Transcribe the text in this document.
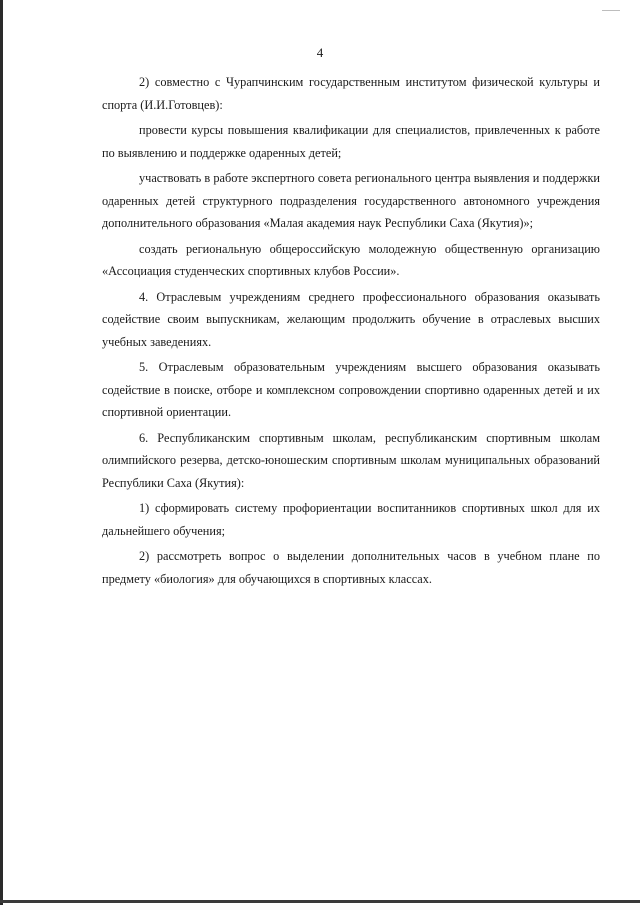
4

2) совместно с Чурапчинским государственным институтом физической культуры и спорта (И.И.Готовцев):

провести курсы повышения квалификации для специалистов, привлеченных к работе по выявлению и поддержке одаренных детей;

участвовать в работе экспертного совета регионального центра выявления и поддержки одаренных детей структурного подразделения государственного автономного учреждения дополнительного образования «Малая академия наук Республики Саха (Якутия)»;

создать региональную общероссийскую молодежную общественную организацию «Ассоциация студенческих спортивных клубов России».

4. Отраслевым учреждениям среднего профессионального образования оказывать содействие своим выпускникам, желающим продолжить обучение в отраслевых высших учебных заведениях.

5. Отраслевым образовательным учреждениям высшего образования оказывать содействие в поиске, отборе и комплексном сопровождении спортивно одаренных детей и их спортивной ориентации.

6. Республиканским спортивным школам, республиканским спортивным школам олимпийского резерва, детско-юношеским спортивным школам муниципальных образований Республики Саха (Якутия):

1) сформировать систему профориентации воспитанников спортивных школ для их дальнейшего обучения;

2) рассмотреть вопрос о выделении дополнительных часов в учебном плане по предмету «биология» для обучающихся в спортивных классах.
